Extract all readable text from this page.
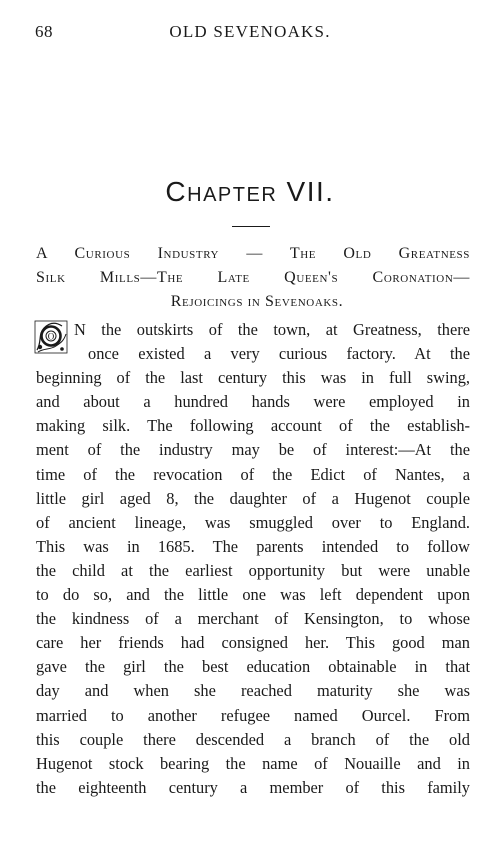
68	OLD SEVENOAKS.
Chapter VII.
A Curious Industry — The Old Greatness
Silk Mills—The Late Queen's Coronation—
Rejoicings in Sevenoaks.
O	N the outskirts of the town, at Greatness, there
once existed a very curious factory. At the
beginning of the last century this was in full swing,
and about a hundred hands were employed in
making silk. The following account of the establish-
ment of the industry may be of interest:—At the
time of the revocation of the Edict of Nantes, a
little girl aged 8, the daughter of a Hugenot couple
of ancient lineage, was smuggled over to England.
This was in 1685. The parents intended to follow
the child at the earliest opportunity but were unable
to do so, and the little one was left dependent upon
the kindness of a merchant of Kensington, to whose
care her friends had consigned her. This good man
gave the girl the best education obtainable in that
day and when she reached maturity she was
married to another refugee named Ourcel. From
this couple there descended a branch of the old
Hugenot stock bearing the name of Nouaille and in
the eighteenth century a member of this family
